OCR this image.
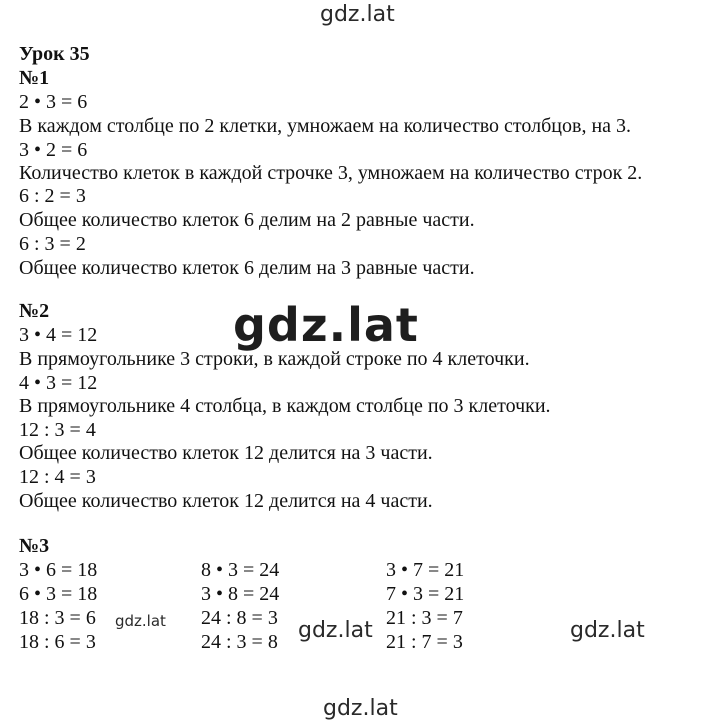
gdz.lat
gdz.lat
gdz.lat	gdz.lat	gdz.lat
gdz.lat
Урок 35
№1
2 • 3 = 6
В каждом столбце по 2 клетки, умножаем на количество столбцов, на 3.
3 • 2 = 6
Количество клеток в каждой строчке 3, умножаем на количество строк 2.
6 : 2 = 3
Общее количество клеток 6 делим на 2 равные части.
6 : 3 = 2
Общее количество клеток 6 делим на 3 равные части.
№2
3 • 4 = 12
В прямоугольнике 3 строки, в каждой строке по 4 клеточки.
4 • 3 = 12
В прямоугольнике 4 столбца, в каждом столбце по 3 клеточки.
12 : 3 = 4
Общее количество клеток 12 делится на 3 части.
12 : 4 = 3
Общее количество клеток 12 делится на 4 части.
№3
3 • 6 = 18
6 • 3 = 18
18 : 3 = 6
18 : 6 = 3
8 • 3 = 24
3 • 8 = 24
24 : 8 = 3
24 : 3 = 8
3 • 7 = 21
7 • 3 = 21
21 : 3 = 7
21 : 7 = 3
